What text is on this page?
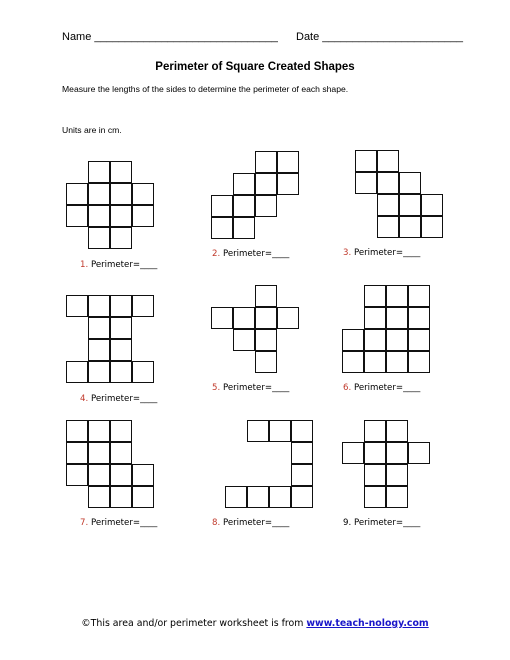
Name ______________________________ Date _______________________
Perimeter of Square Created Shapes
Measure the lengths of the sides to determine the perimeter of each shape.
Units are in cm.
1. Perimeter=____
2. Perimeter=____	3. Perimeter=____
4. Perimeter=____
5. Perimeter=____	6. Perimeter=____
7. Perimeter=____	8. Perimeter=____	9. Perimeter=____
©This area and/or perimeter worksheet is from www.teach-nology.com
